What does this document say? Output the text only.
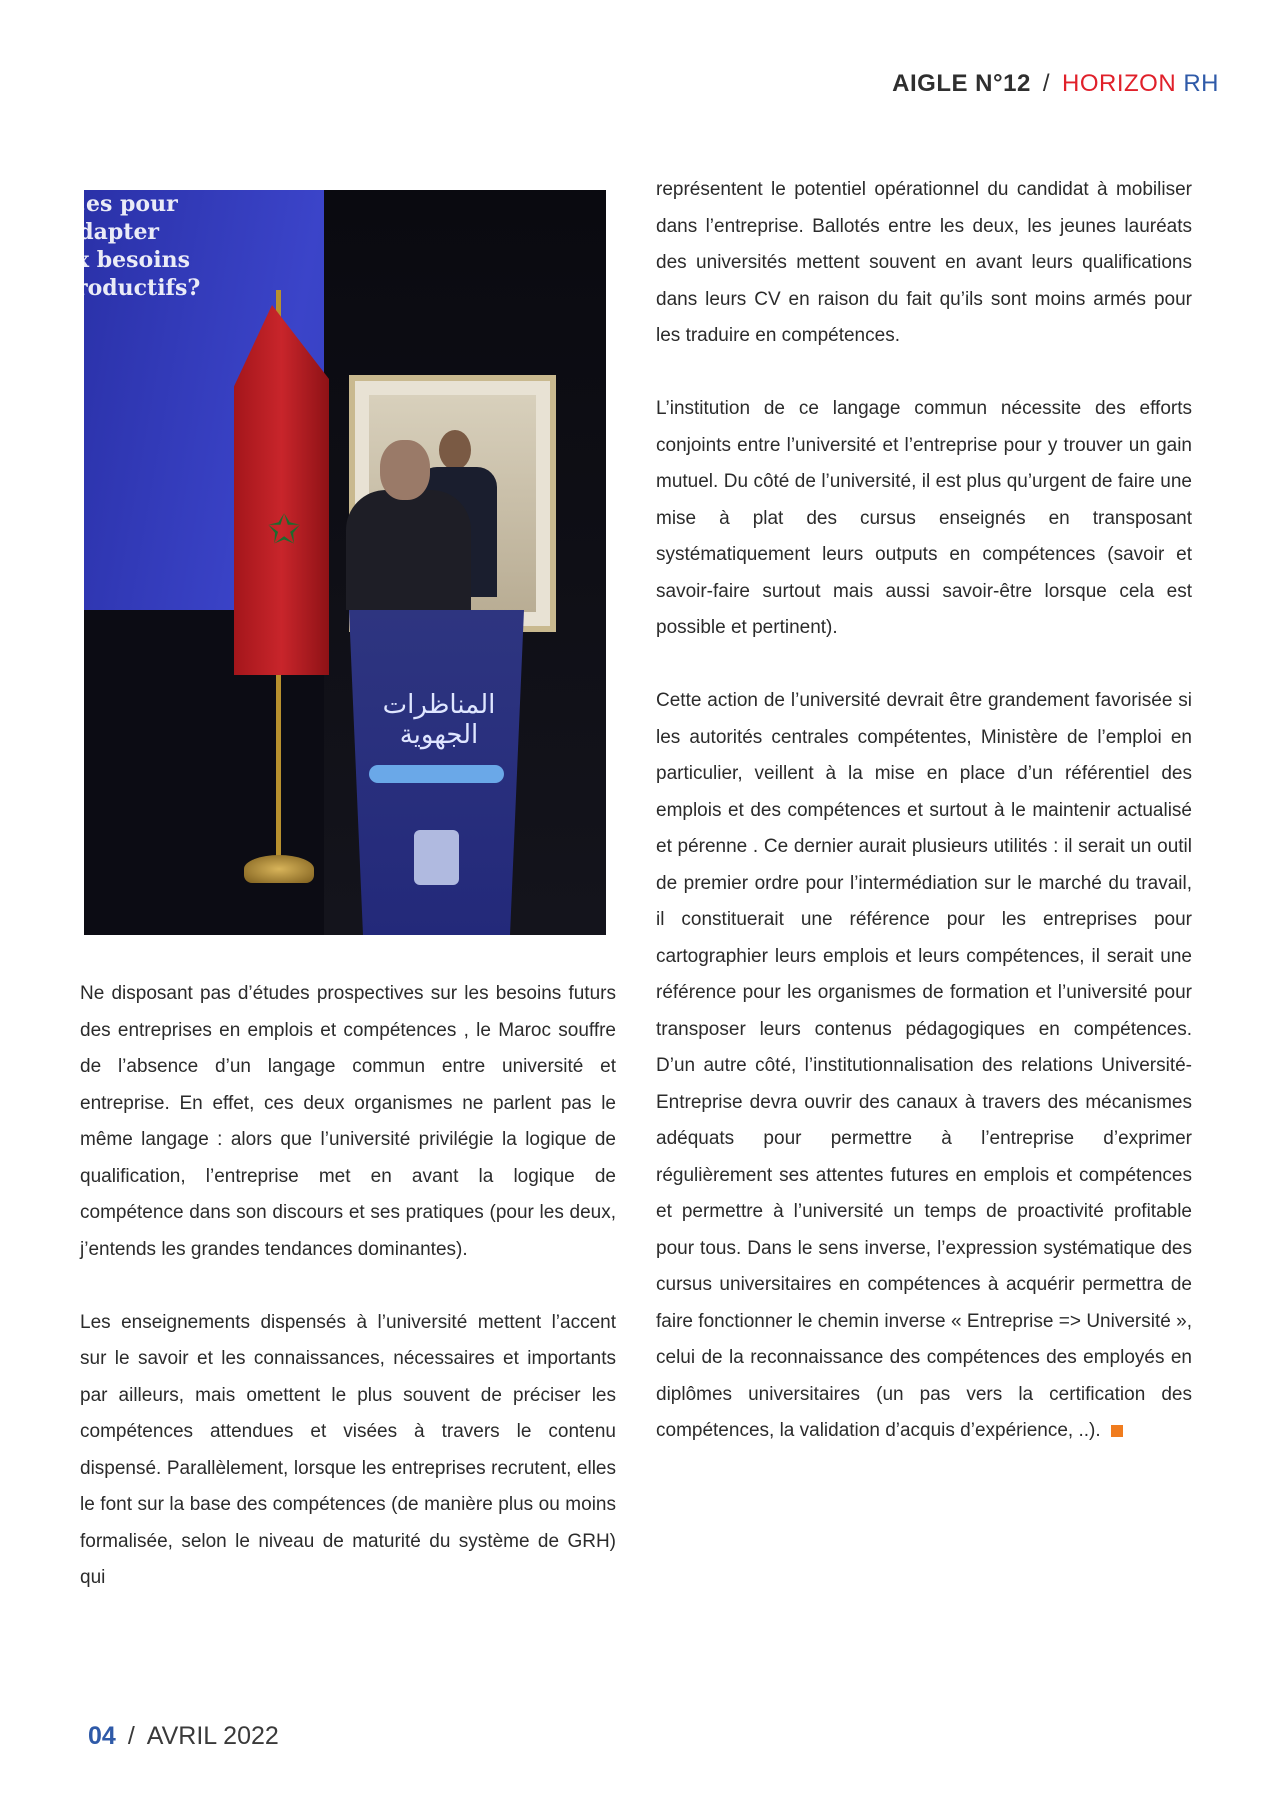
AIGLE N°12 / HORIZON RH
…es pour adapter
x besoins
roductifs?
✩
المناظرات
الجهوية

Ne disposant pas d’études prospectives sur les besoins futurs des entreprises en emplois et compétences , le Maroc souffre de l’absence d’un langage commun entre université et entreprise. En effet, ces deux organismes ne parlent pas le même langage : alors que l’université privilégie la logique de qualification, l’entreprise met en avant la logique de compétence dans son discours et ses pratiques (pour les deux, j’entends les grandes tendances dominantes).

Les enseignements dispensés à l’université mettent l’accent sur le savoir et les connaissances, nécessaires et importants par ailleurs, mais omettent le plus souvent de préciser les compétences attendues et visées à travers le contenu dispensé. Parallèlement, lorsque les entreprises recrutent, elles le font sur la base des compétences (de manière plus ou moins formalisée, selon le niveau de maturité du système de GRH) qui

représentent le potentiel opérationnel du candidat à mobiliser dans l’entreprise. Ballotés entre les deux, les jeunes lauréats des universités mettent souvent en avant leurs qualifications dans leurs CV en raison du fait qu’ils sont moins armés pour les traduire en compétences.

L’institution de ce langage commun nécessite des efforts conjoints entre l’université et l’entreprise pour y trouver un gain mutuel. Du côté de l’université, il est plus qu’urgent de faire une mise à plat des cursus enseignés en transposant systématiquement leurs outputs en compétences (savoir et savoir-faire surtout mais aussi savoir-être lorsque cela est possible et pertinent).

Cette action de l’université devrait être grandement favorisée si les autorités centrales compétentes, Ministère de l’emploi en particulier, veillent à la mise en place d’un référentiel des emplois et des compétences et surtout à le maintenir actualisé et pérenne . Ce dernier aurait plusieurs utilités : il serait un outil de premier ordre pour l’intermédiation sur le marché du travail, il constituerait une référence pour les entreprises pour cartographier leurs emplois et leurs compétences, il serait une référence pour les organismes de formation et l’université pour transposer leurs contenus pédagogiques en compétences. D’un autre côté, l’institutionnalisation des relations Université-Entreprise devra ouvrir des canaux à travers des mécanismes adéquats pour permettre à l’entreprise d’exprimer régulièrement ses attentes futures en emplois et compétences et permettre à l’université un temps de proactivité profitable pour tous. Dans le sens inverse, l’expression systématique des cursus universitaires en compétences à acquérir permettra de faire fonctionner le chemin inverse « Entreprise => Université », celui de la reconnaissance des compétences des employés en diplômes universitaires (un pas vers la certification des compétences, la validation d’acquis d’expérience, ..).

04 / AVRIL 2022
